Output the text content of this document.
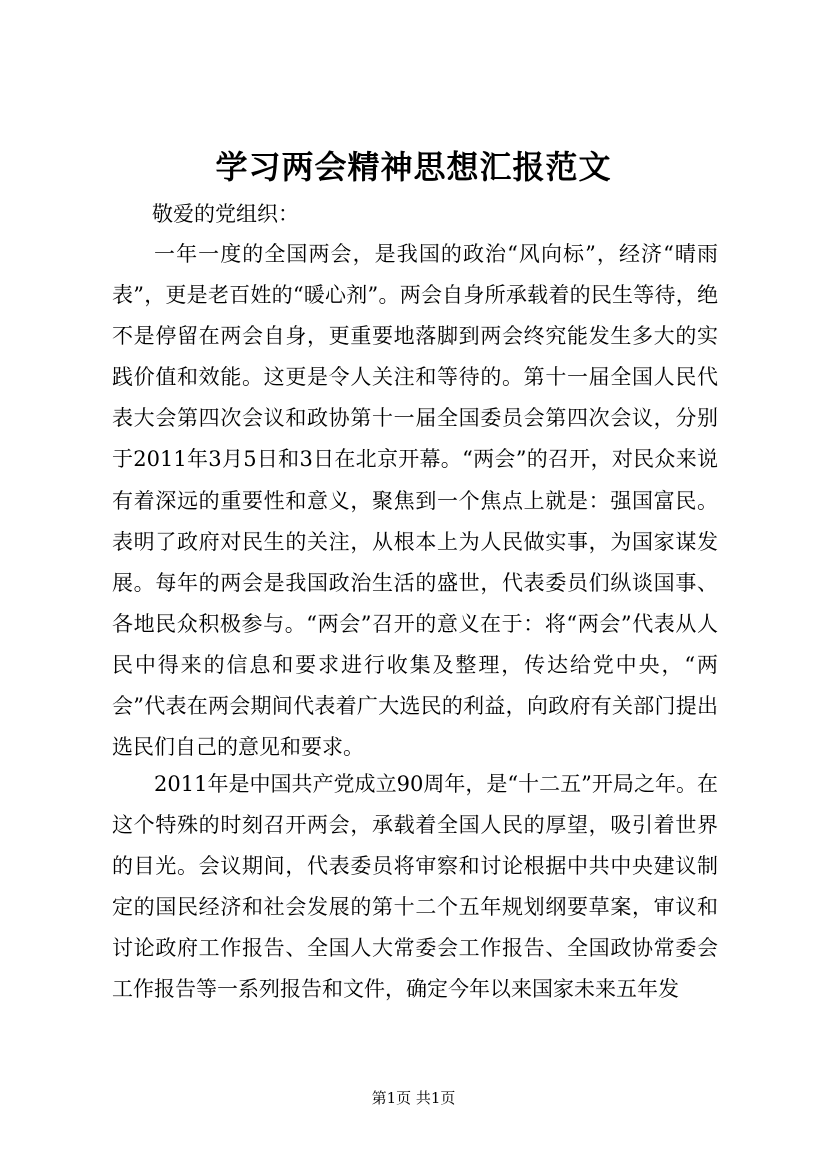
学习两会精神思想汇报范文

敬爱的党组织：

一年一度的全国两会，是我国的政治“风向标”，经济“晴雨表”，更是老百姓的“暖心剂”。两会自身所承载着的民生等待，绝不是停留在两会自身，更重要地落脚到两会终究能发生多大的实践价值和效能。这更是令人关注和等待的。第十一届全国人民代表大会第四次会议和政协第十一届全国委员会第四次会议，分别于2011年3月5日和3日在北京开幕。“两会”的召开，对民众来说有着深远的重要性和意义，聚焦到一个焦点上就是：强国富民。表明了政府对民生的关注，从根本上为人民做实事，为国家谋发展。每年的两会是我国政治生活的盛世，代表委员们纵谈国事、各地民众积极参与。“两会”召开的意义在于：将“两会”代表从人民中得来的信息和要求进行收集及整理，传达给党中央，“两会”代表在两会期间代表着广大选民的利益，向政府有关部门提出选民们自己的意见和要求。

2011年是中国共产党成立90周年，是“十二五”开局之年。在这个特殊的时刻召开两会，承载着全国人民的厚望，吸引着世界的目光。会议期间，代表委员将审察和讨论根据中共中央建议制定的国民经济和社会发展的第十二个五年规划纲要草案，审议和讨论政府工作报告、全国人大常委会工作报告、全国政协常委会工作报告等一系列报告和文件，确定今年以来国家未来五年发

第1页 共1页
